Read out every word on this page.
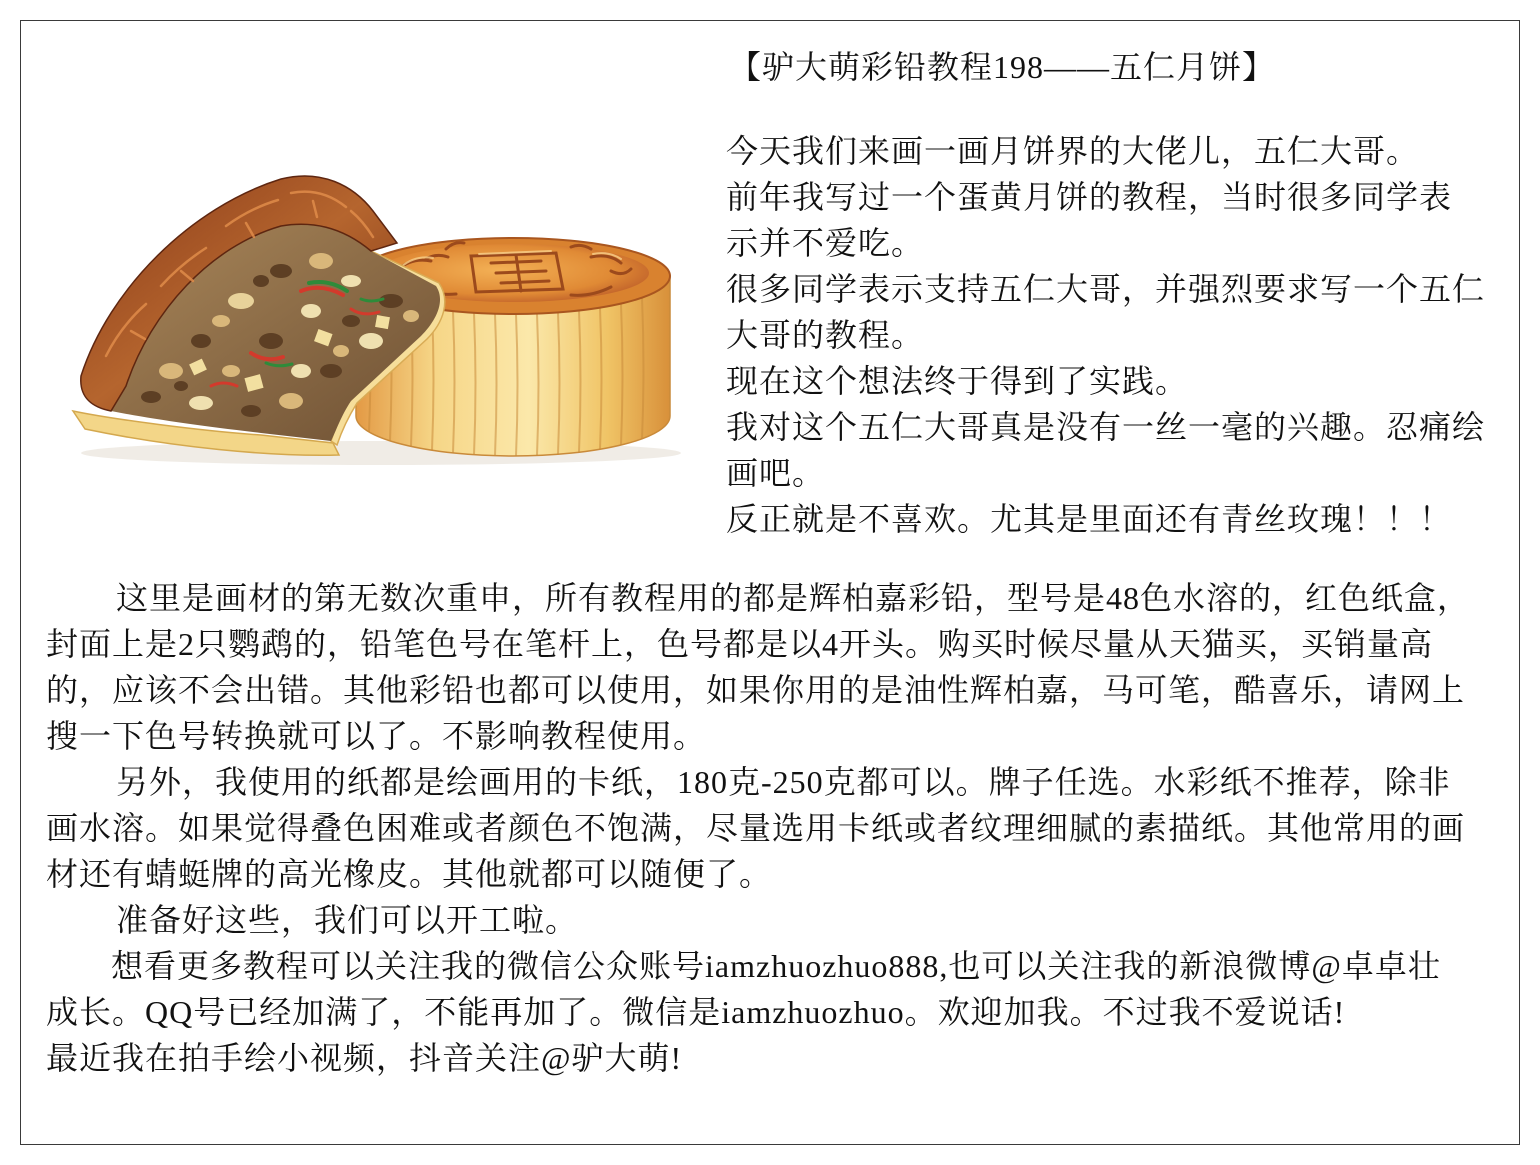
【驴大萌彩铅教程198——五仁月饼】
今天我们来画一画月饼界的大佬儿，五仁大哥。
前年我写过一个蛋黄月饼的教程，当时很多同学表
示并不爱吃。
很多同学表示支持五仁大哥，并强烈要求写一个五仁
大哥的教程。
现在这个想法终于得到了实践。
我对这个五仁大哥真是没有一丝一毫的兴趣。忍痛绘
画吧。
反正就是不喜欢。尤其是里面还有青丝玫瑰！！！
这里是画材的第无数次重申，所有教程用的都是辉柏嘉彩铅，型号是48色水溶的，红色纸盒，
封面上是2只鹦鹉的，铅笔色号在笔杆上，色号都是以4开头。购买时候尽量从天猫买，买销量高
的，应该不会出错。其他彩铅也都可以使用，如果你用的是油性辉柏嘉，马可笔，酷喜乐，请网上
搜一下色号转换就可以了。不影响教程使用。
另外，我使用的纸都是绘画用的卡纸，180克-250克都可以。牌子任选。水彩纸不推荐，除非
画水溶。如果觉得叠色困难或者颜色不饱满，尽量选用卡纸或者纹理细腻的素描纸。其他常用的画
材还有蜻蜓牌的高光橡皮。其他就都可以随便了。
准备好这些，我们可以开工啦。
想看更多教程可以关注我的微信公众账号iamzhuozhuo888,也可以关注我的新浪微博@卓卓壮
成长。QQ号已经加满了，不能再加了。微信是iamzhuozhuo。欢迎加我。不过我不爱说话!
最近我在拍手绘小视频，抖音关注@驴大萌!
